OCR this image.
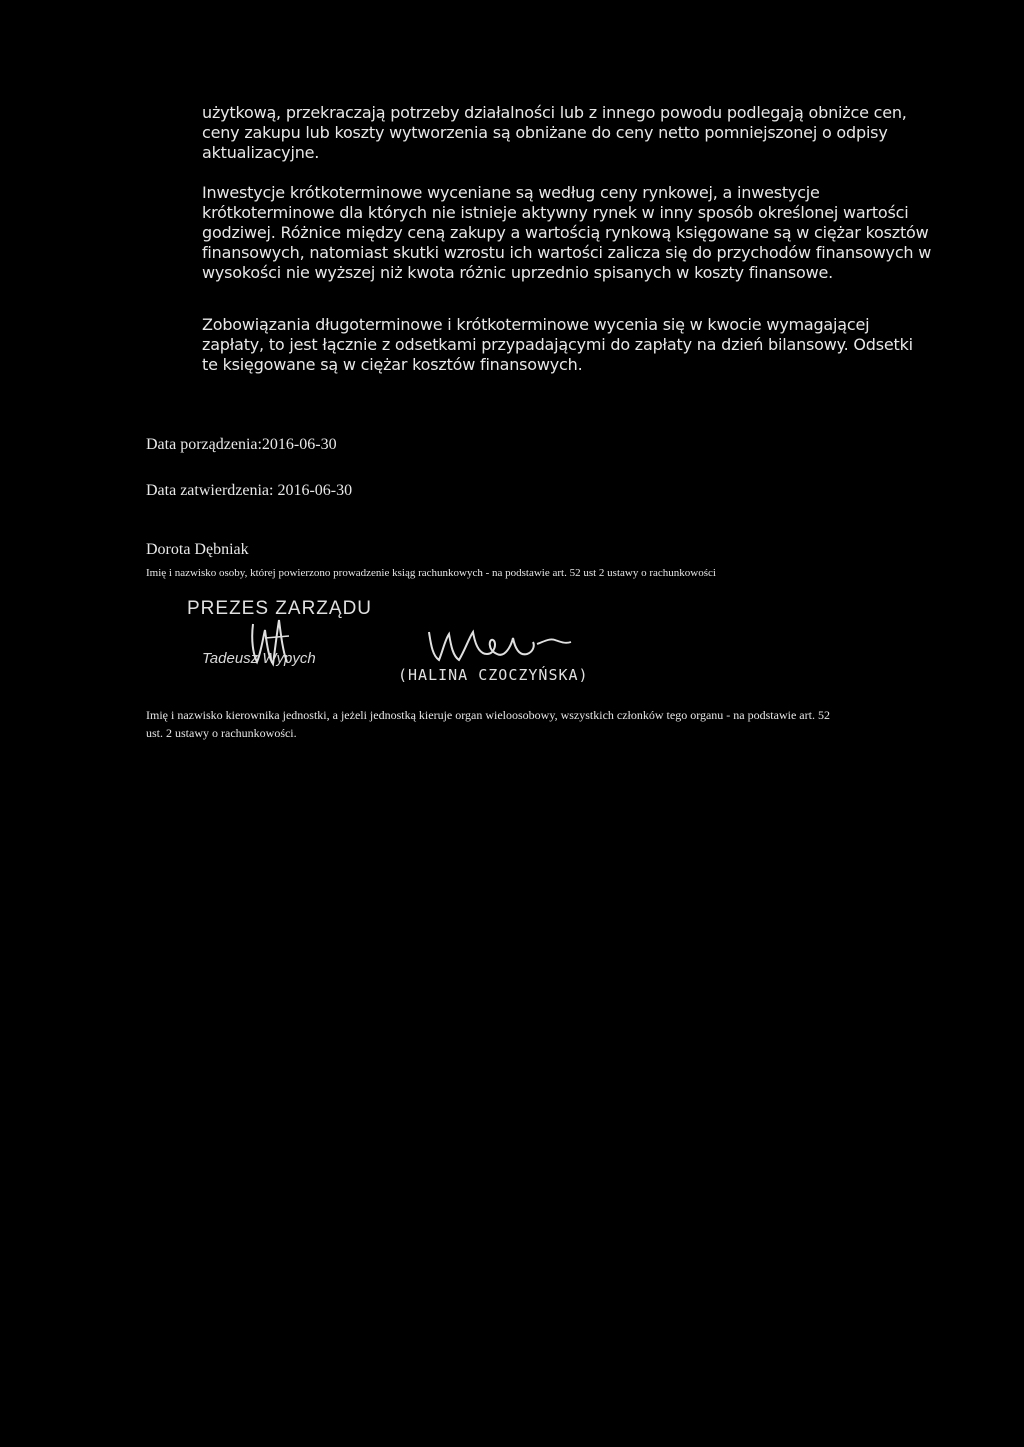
użytkową, przekraczają potrzeby działalności lub z innego powodu podlegają obniżce cen, ceny zakupu lub koszty wytworzenia są obniżane do ceny netto pomniejszonej o odpisy aktualizacyjne.

Inwestycje krótkoterminowe wyceniane są według ceny rynkowej, a inwestycje krótkoterminowe dla których nie istnieje aktywny rynek w inny sposób określonej wartości godziwej. Różnice między ceną zakupy a wartością rynkową księgowane są w ciężar kosztów finansowych, natomiast skutki wzrostu ich wartości zalicza się do przychodów finansowych w wysokości nie wyższej niż kwota różnic uprzednio spisanych w koszty finansowe.

Zobowiązania długoterminowe i krótkoterminowe wycenia się w kwocie wymagającej zapłaty, to jest łącznie z odsetkami przypadającymi do zapłaty na dzień bilansowy. Odsetki te księgowane są w ciężar kosztów finansowych.

Data porządzenia:2016-06-30

Data zatwierdzenia: 2016-06-30

Dorota Dębniak

Imię i nazwisko osoby, której powierzono prowadzenie ksiąg rachunkowych - na podstawie art. 52 ust 2 ustawy o rachunkowości

PREZES ZARZĄDU
Tadeusz Wypych
(HALINA CZOCZYŃSKA)

Imię i nazwisko kierownika jednostki, a jeżeli jednostką kieruje organ wieloosobowy, wszystkich członków tego organu - na podstawie art. 52 ust. 2 ustawy o rachunkowości.
